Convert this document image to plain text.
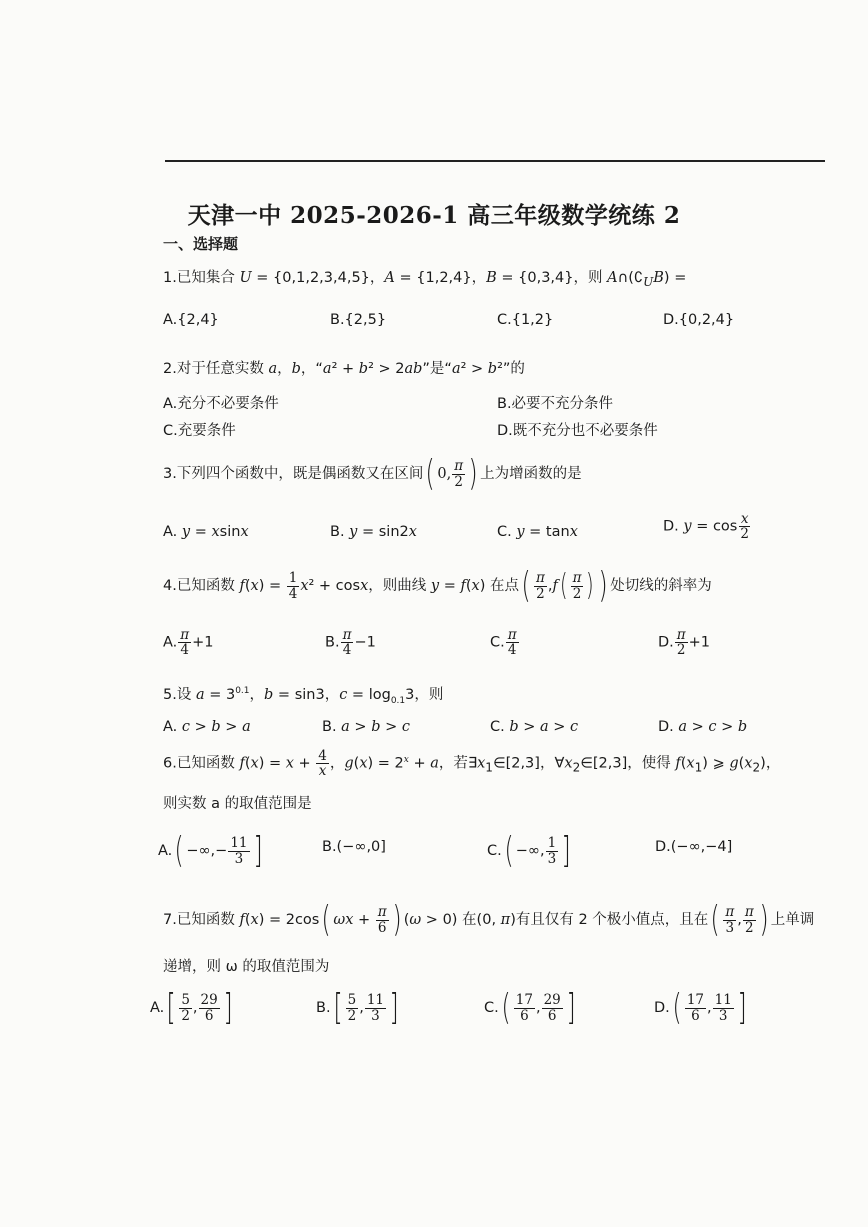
天津一中 2025-2026-1 高三年级数学统练 2
一、选择题
1.已知集合 U = {0,1,2,3,4,5}，A = {1,2,4}，B = {0,3,4}，则 $A\cap(∁_UB)$ =
A.{2,4}	B.{2,5}	C.{1,2}	D.{0,2,4}
2.对于任意实数 a，b，“a² + b² > 2ab”是“a² > b²”的
A.充分不必要条件	B.必要不充分条件
C.充要条件	D.既不充分也不必要条件
3.下列四个函数中，既是偶函数又在区间( 0, $\frac{\pi}{2}$ ) 上为增函数的是
A. y = xsinx	B. y = sin2x	C. y = tanx	D. $y = \cos \frac{x}{2}$
4.已知函数 $f(x) = \frac{1}{4} x^2 + \cos x$，则曲线 y = f(x) 在点( $\frac{\pi}{2} ,f( \frac{\pi}{2}$ ) ) 处切线的斜率为
A. $\frac{\pi}{4} +1$	B. $\frac{\pi}{4} -1$	C. $\frac{\pi}{4}$	D. $\frac{\pi}{2} +1$
5.设 $a = 3^{0.1}$，b = sin3，$c = \log_{0.1}3$，则
A. c > b > a	B. a > b > c	C. b > a > c	D. a > c > b
6.已知函数 $f(x) = x + \frac{4}{x}$ ，$g(x) = 2^x + a$，若$\exists x_1\in[2,3]$，$\forall x_2\in[2,3]$，使得 $f(x_1)$ ⩾ $g(x_2)$，
则实数 a 的取值范围是
A.( −∞,− $\frac{11}{3}$ ]	B.(−∞,0]	C.( −∞, $\frac{1}{3}$ ]	D.(−∞,−4]
7.已知函数 f(x) = 2cos( $\omega x + \frac{\pi}{6}$ ) (ω > 0) 在(0, π)有且仅有 2 个极小值点，且在( $\frac{\pi}{3}$ , $\frac{\pi}{2}$ ) 上单调
递增，则 ω 的取值范围为
$A.[ \frac{5}{2}$ , $\frac{29}{6}$ ]	$B.[ \frac{5}{2}$ , $\frac{11}{3}$ ]	$C.( \frac{17}{6}$ , $\frac{29}{6}$ ]	$D.( \frac{17}{6}$ , $\frac{11}{3}$ ]
